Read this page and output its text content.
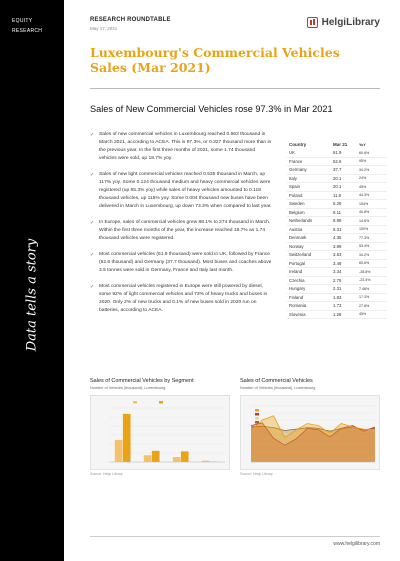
EQUITY
RESEARCH
Data tells a story
RESEARCH ROUNDTABLE
May 17, 2021
HelgiLibrary
Luxembourg's Commercial Vehicles Sales (Mar 2021)
Sales of New Commercial Vehicles rose 97.3% in Mar 2021
✓ Sales of new commercial vehicles in Luxembourg reached 0.663 thousand in March 2021, according to ACEA. This is 97.3%, or 0.327 thousand more than in the previous year. In the first three months of 2021, some 1.74 thousand vehicles were sold, up 18.7% yoy.
✓ Sales of new light commercial vehicles reached 0.535 thousand in March, up 117% yoy. Some 0.124 thousand medium and heavy commercial vehicles were registered (up 65.3% yoy) while sales of heavy vehicles amounted to 0.118 thousand vehicles, up 115% yoy. Some 0.004 thousand new buses have been delivered in March in Luxembourg, up down 73.3% when compared to last year.
✓ In Europe, sales of commercial vehicles grew 88.1% to 274 thousand in March. Within the first three months of the year, the increase reached 18.7% as 1.74 thousand vehicles were registered.
✓ Most commercial vehicles (61.9 thousand) were sold in UK, followed by France (52.6 thousand) and Germany (37.7 thousand). Most buses and coaches above 3.5 tonnes were sold in Germany, France and Italy last month.
✓ Most commercial vehicles registered in Europe were still powered by diesel, some 92% of light commercial vehicles and 73% of heavy trucks and buses in 2020. Only 2% of new trucks and 0.1% of new buses sold in 2020 run on batteries, according to ACEA.
Country	Mar 21	YoY
UK	61.9	60.6%
France	52.6	95%
Germany	37.7	34.2%
Italy	20.1	24%
Spain	20.1	45%
Poland	11.8	44.3%
Sweden	6.28	104%
Belgium	9.11	40.8%
Netherlands	8.89	14.6%
Austria	6.31	100%
Denmark	4.35	77.3%
Norway	3.99	53.4%
Switzerland	3.53	34.2%
Portugal	3.48	60.6%
Ireland	3.34	-28.8%
Czechia	2.75	-23.4%
Hungary	2.31	7.46%
Finland	1.83	17.3%
Romania	1.73	27.8%
Slovenia	1.28	45%
Sales of Commercial Vehicles by Segment
Number of Vehicles (thousand), Luxembourg
Source: Helgi Library
Sales of Commercial Vehicles
Number of Vehicles (thousand), Luxembourg
Source: Helgi Library
www.helgilibrary.com
